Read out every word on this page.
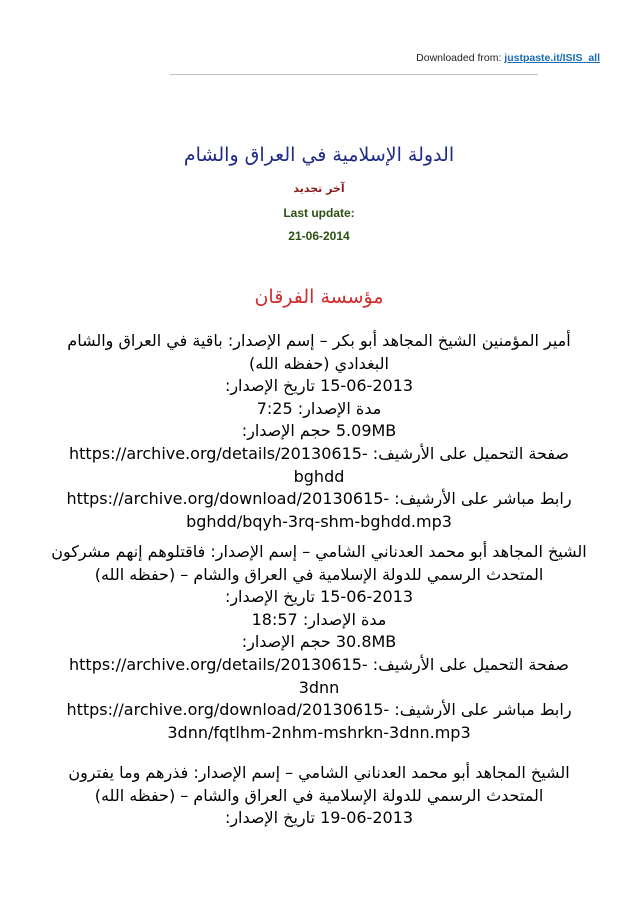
Downloaded from: justpaste.it/ISIS_all
الدولة الإسلامية في العراق والشام
آخر تجديد
Last update:
21-06-2014
مؤسسة الفرقان
أمير المؤمنين الشيخ المجاهد أبو بكر – إسم الإصدار: باقية في العراق والشام
البغدادي (حفظه الله)
15-06-2013 تاريخ الإصدار:
مدة الإصدار: 7:25
5.09MB حجم الإصدار:
صفحة التحميل على الأرشيف: https://archive.org/details/20130615-
bghdd
رابط مباشر على الأرشيف: https://archive.org/download/20130615-
bghdd/bqyh-3rq-shm-bghdd.mp3
الشيخ المجاهد أبو محمد العدناني الشامي – إسم الإصدار: فاقتلوهم إنهم مشركون
المتحدث الرسمي للدولة الإسلامية في العراق والشام – (حفظه الله)
15-06-2013 تاريخ الإصدار:
مدة الإصدار: 18:57
30.8MB حجم الإصدار:
صفحة التحميل على الأرشيف: https://archive.org/details/20130615-
3dnn
رابط مباشر على الأرشيف: https://archive.org/download/20130615-
3dnn/fqtlhm-2nhm-mshrkn-3dnn.mp3
الشيخ المجاهد أبو محمد العدناني الشامي – إسم الإصدار: فذرهم وما يفترون
المتحدث الرسمي للدولة الإسلامية في العراق والشام – (حفظه الله)
19-06-2013 تاريخ الإصدار:
